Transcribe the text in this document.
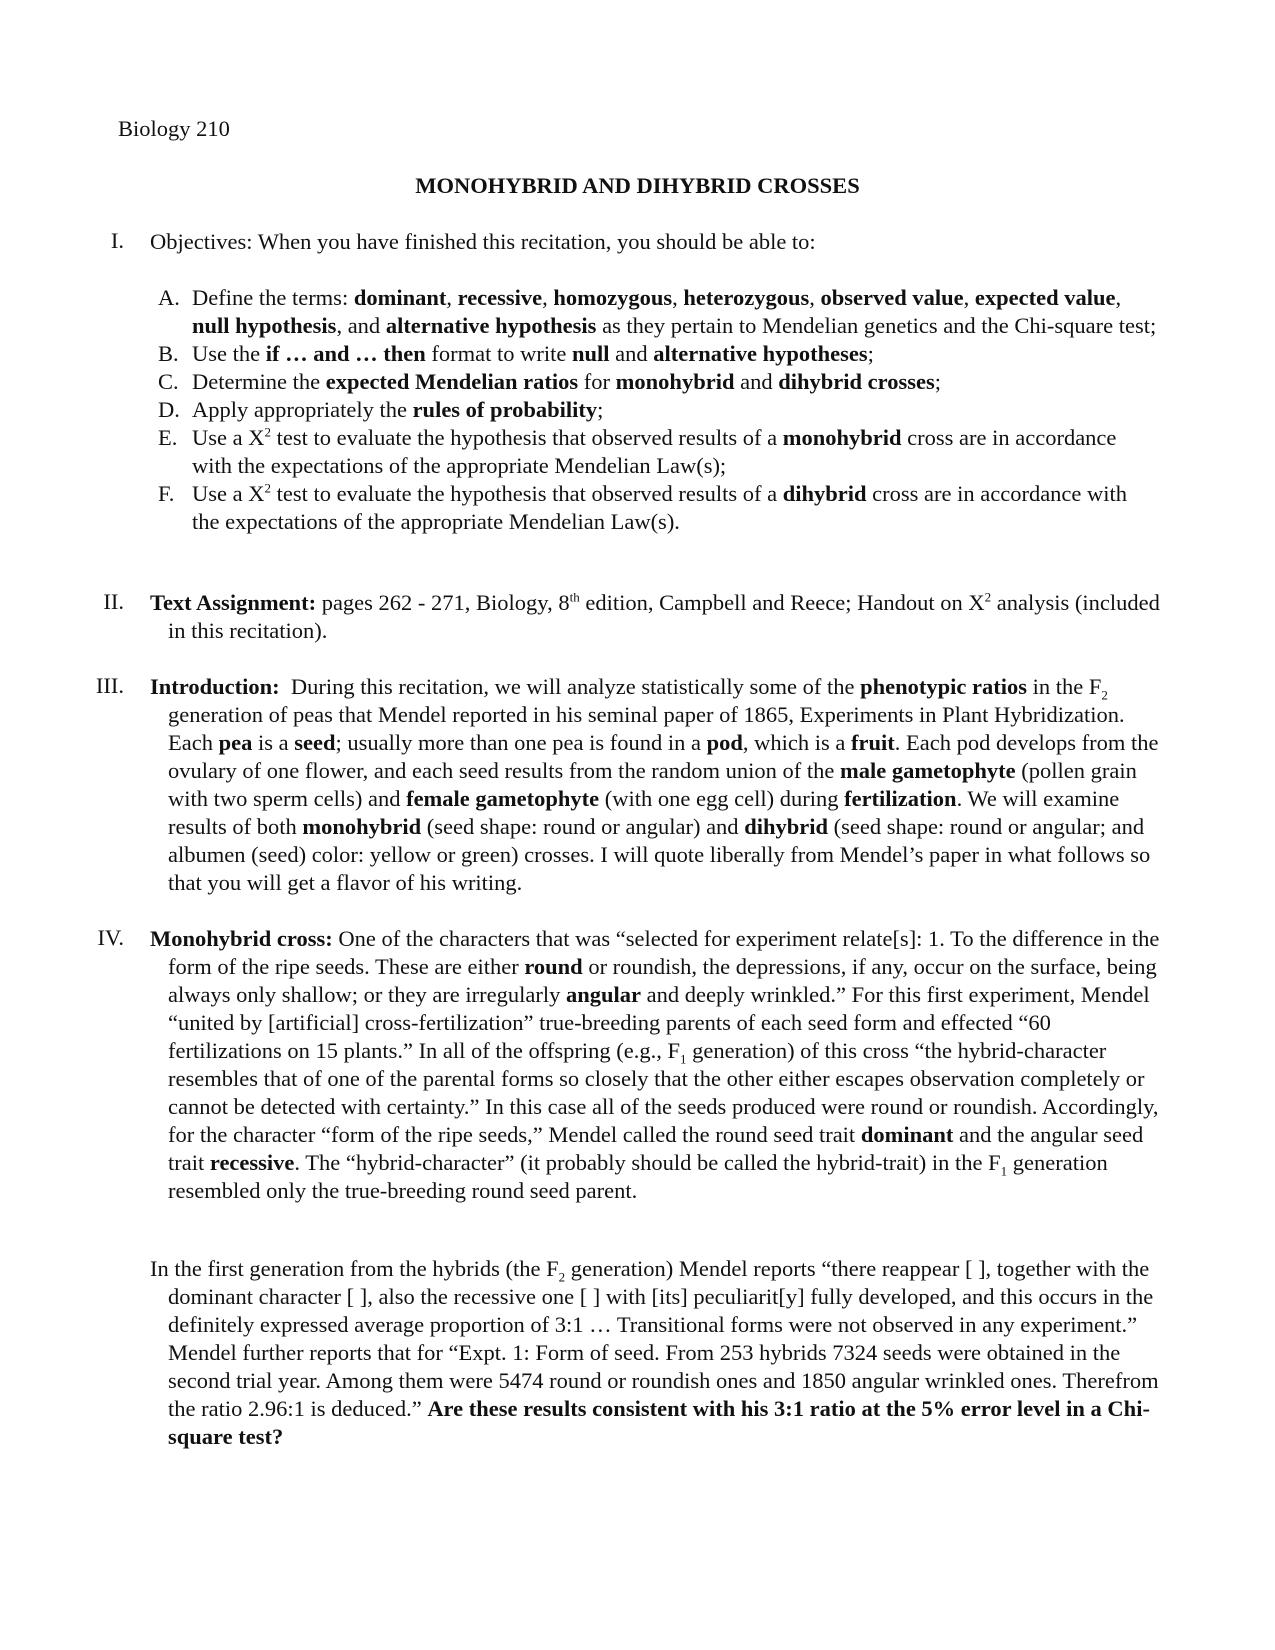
Biology 210
MONOHYBRID AND DIHYBRID CROSSES
I. Objectives: When you have finished this recitation, you should be able to:
A. Define the terms: dominant, recessive, homozygous, heterozygous, observed value, expected value, null hypothesis, and alternative hypothesis as they pertain to Mendelian genetics and the Chi-square test;
B. Use the if … and … then format to write null and alternative hypotheses;
C. Determine the expected Mendelian ratios for monohybrid and dihybrid crosses;
D. Apply appropriately the rules of probability;
E. Use a $X^2$ test to evaluate the hypothesis that observed results of a monohybrid cross are in accordance with the expectations of the appropriate Mendelian Law(s);
F. Use a $X^2$ test to evaluate the hypothesis that observed results of a dihybrid cross are in accordance with the expectations of the appropriate Mendelian Law(s).
II. Text Assignment: pages 262 - 271, Biology, 8th edition, Campbell and Reece; Handout on $X^2$ analysis (included in this recitation).
III. Introduction:  During this recitation, we will analyze statistically some of the phenotypic ratios in the $F_2$ generation of peas that Mendel reported in his seminal paper of 1865, Experiments in Plant Hybridization. Each pea is a seed; usually more than one pea is found in a pod, which is a fruit. Each pod develops from the ovulary of one flower, and each seed results from the random union of the male gametophyte (pollen grain with two sperm cells) and female gametophyte (with one egg cell) during fertilization. We will examine results of both monohybrid (seed shape: round or angular) and dihybrid (seed shape: round or angular; and albumen (seed) color: yellow or green) crosses. I will quote liberally from Mendel’s paper in what follows so that you will get a flavor of his writing.
IV. Monohybrid cross: One of the characters that was “selected for experiment relate[s]: 1. To the difference in the form of the ripe seeds. These are either round or roundish, the depressions, if any, occur on the surface, being always only shallow; or they are irregularly angular and deeply wrinkled.” For this first experiment, Mendel “united by [artificial] cross-fertilization” true-breeding parents of each seed form and effected “60 fertilizations on 15 plants.” In all of the offspring (e.g., $F_1$ generation) of this cross “the hybrid-character resembles that of one of the parental forms so closely that the other either escapes observation completely or cannot be detected with certainty.” In this case all of the seeds produced were round or roundish. Accordingly, for the character “form of the ripe seeds,” Mendel called the round seed trait dominant and the angular seed trait recessive. The “hybrid-character” (it probably should be called the hybrid-trait) in the $F_1$ generation resembled only the true-breeding round seed parent.
In the first generation from the hybrids (the $F_2$ generation) Mendel reports “there reappear [ ], together with the dominant character [ ], also the recessive one [ ] with [its] peculiarit[y] fully developed, and this occurs in the definitely expressed average proportion of 3:1 … Transitional forms were not observed in any experiment.” Mendel further reports that for “Expt. 1: Form of seed. From 253 hybrids 7324 seeds were obtained in the second trial year. Among them were 5474 round or roundish ones and 1850 angular wrinkled ones. Therefrom the ratio 2.96:1 is deduced.” Are these results consistent with his 3:1 ratio at the 5% error level in a Chi-square test?
